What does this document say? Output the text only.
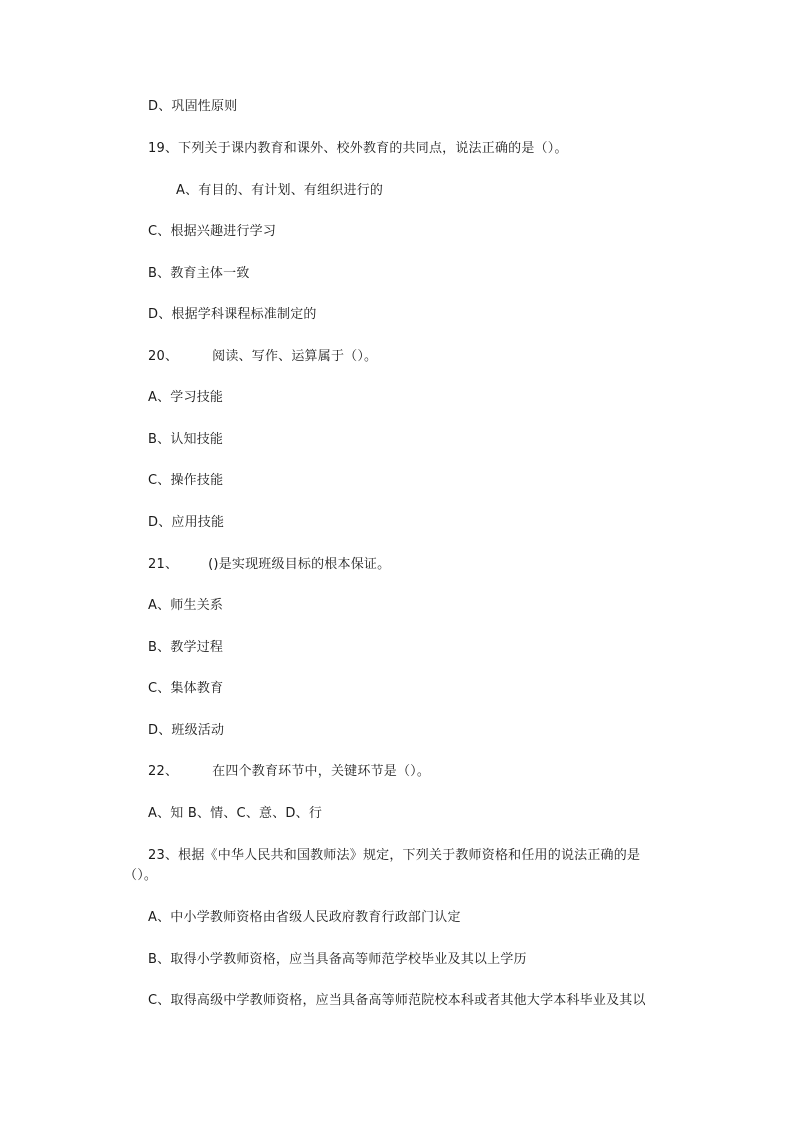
D、巩固性原则
19、下列关于课内教育和课外、校外教育的共同点，说法正确的是（）。
A、有目的、有计划、有组织进行的
C、根据兴趣进行学习
B、教育主体一致
D、根据学科课程标准制定的
20、	阅读、写作、运算属于（）。
A、学习技能
B、认知技能
C、操作技能
D、应用技能
21、 ()是实现班级目标的根本保证。
A、师生关系
B、教学过程
C、集体教育
D、班级活动
22、	在四个教育环节中，关键环节是（）。
A、知 B、情、C、意、D、行
23、根据《中华人民共和国教师法》规定，下列关于教师资格和任用的说法正确的是
（）。
A、中小学教师资格由省级人民政府教育行政部门认定
B、取得小学教师资格，应当具备高等师范学校毕业及其以上学历
C、取得高级中学教师资格，应当具备高等师范院校本科或者其他大学本科毕业及其以
